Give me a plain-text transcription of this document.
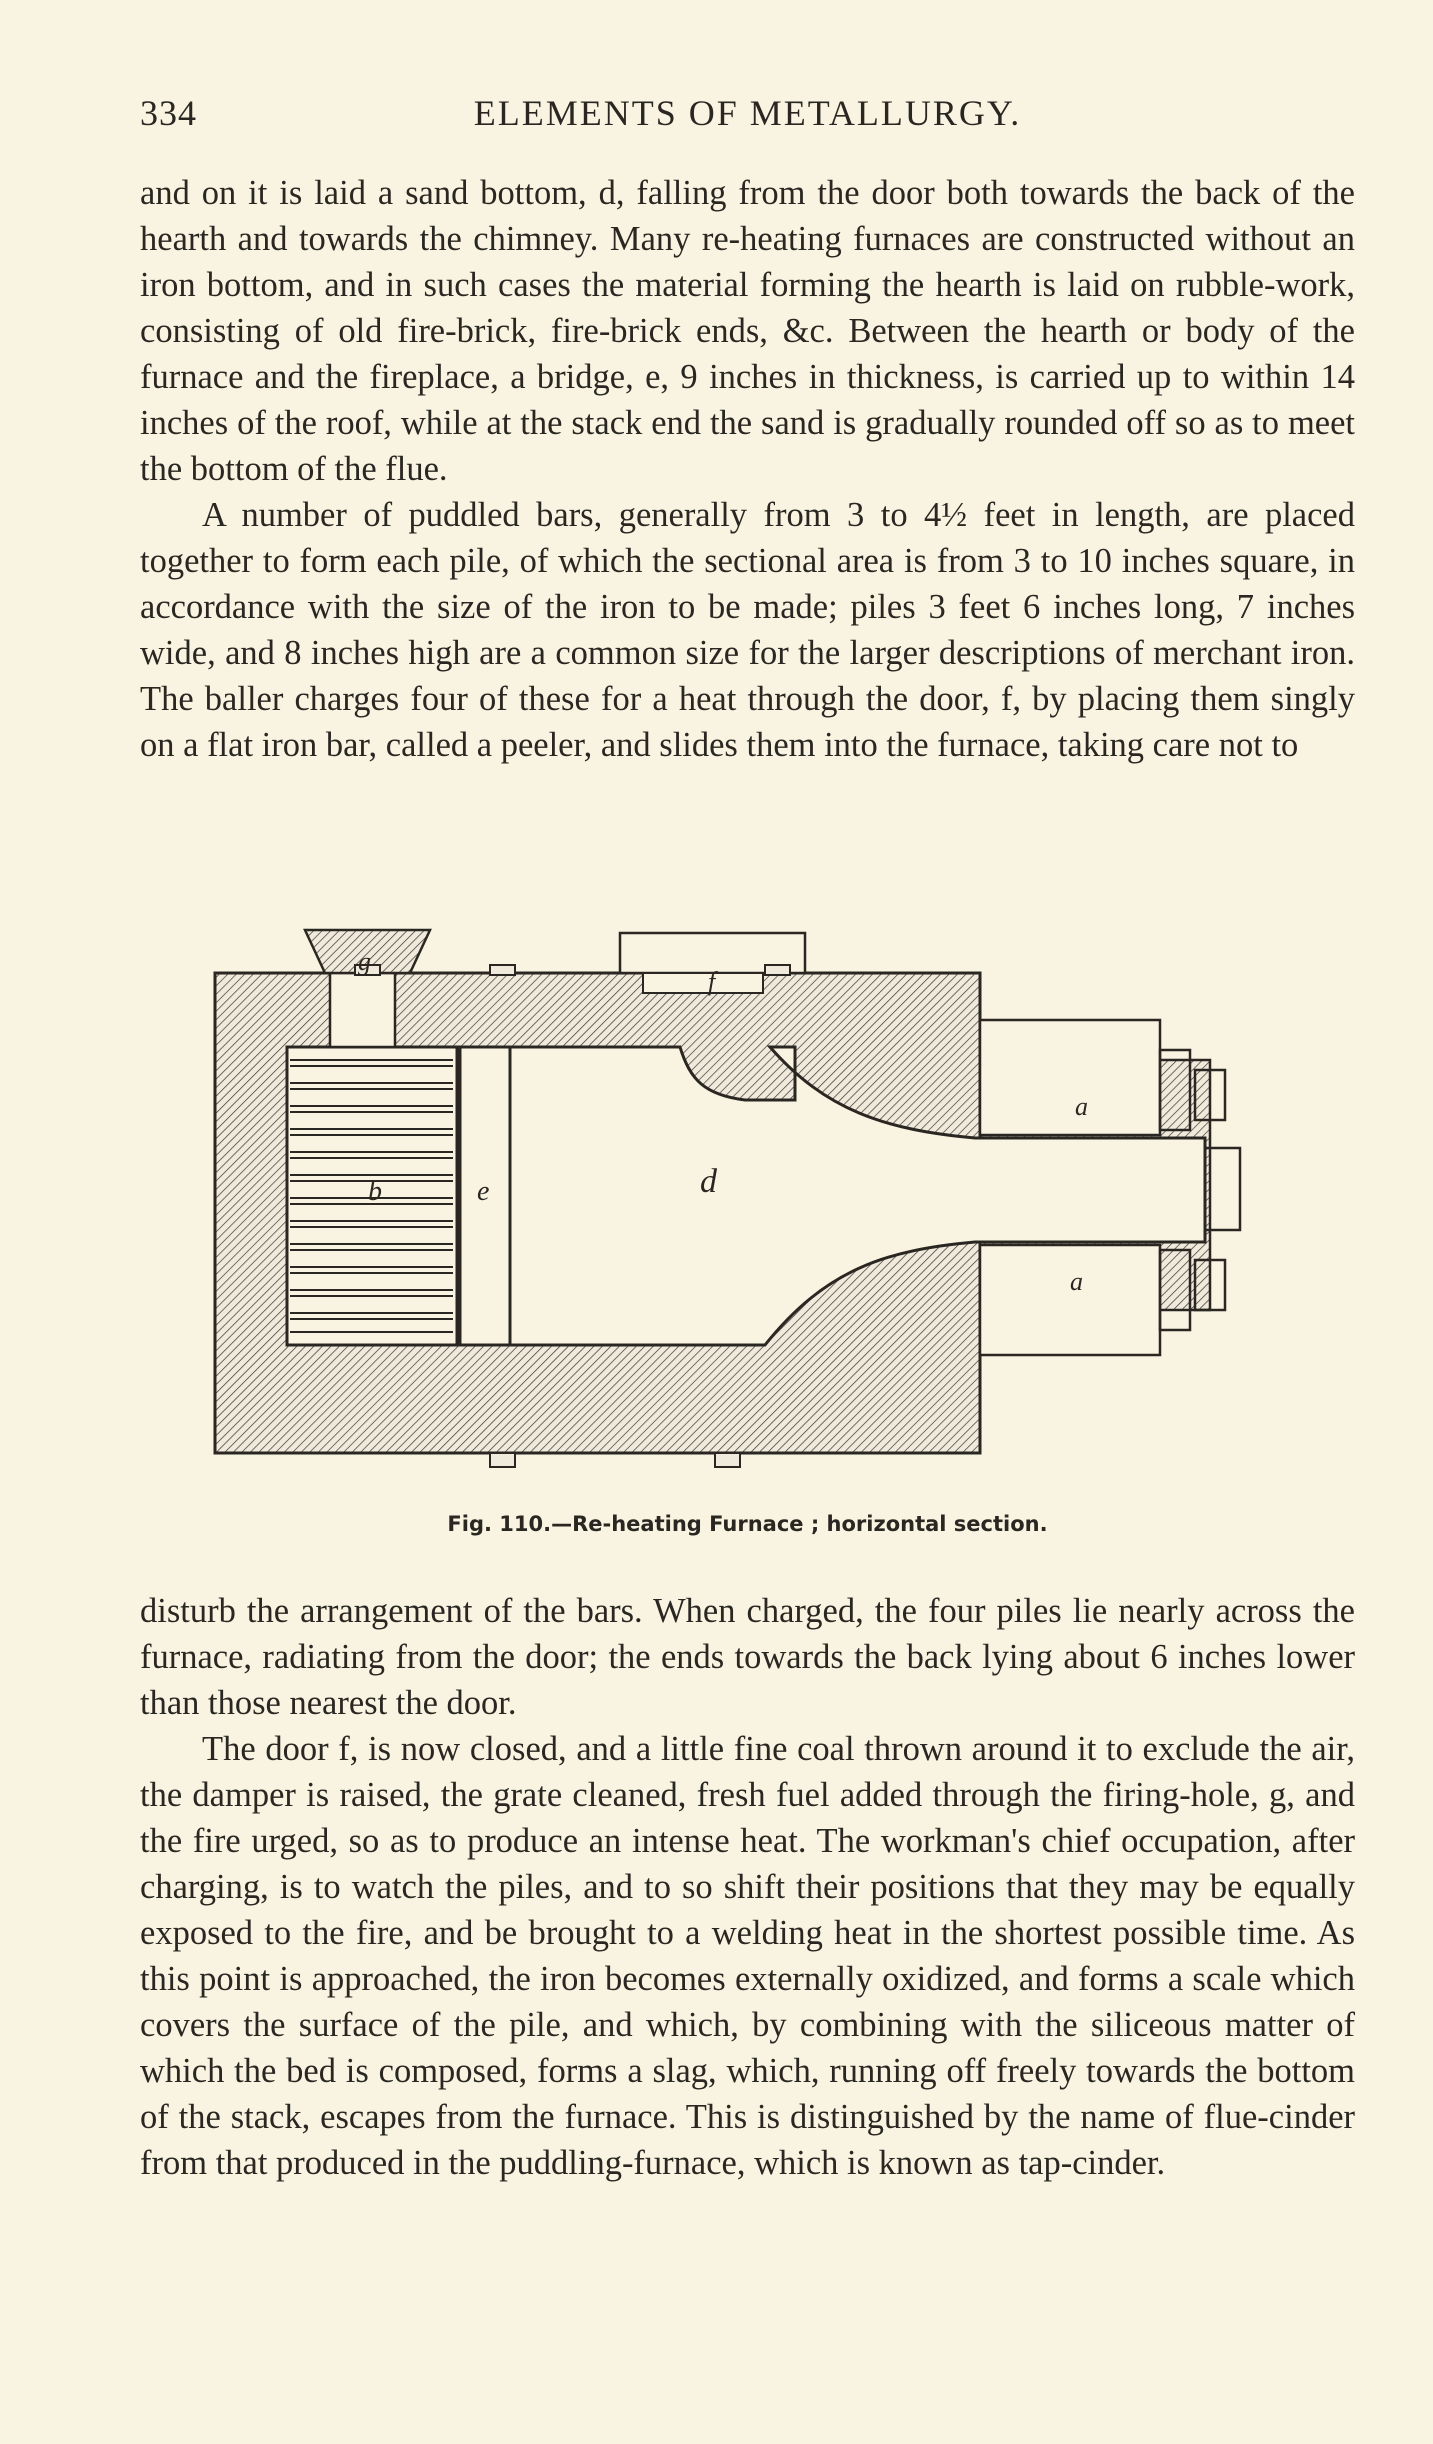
334	ELEMENTS OF METALLURGY.

and on it is laid a sand bottom, d, falling from the door both towards the back of the hearth and towards the chimney. Many re-heating furnaces are constructed without an iron bottom, and in such cases the material forming the hearth is laid on rubble-work, consisting of old fire-brick, fire-brick ends, &c. Between the hearth or body of the furnace and the fireplace, a bridge, e, 9 inches in thickness, is carried up to within 14 inches of the roof, while at the stack end the sand is gradually rounded off so as to meet the bottom of the flue.

A number of puddled bars, generally from 3 to 4½ feet in length, are placed together to form each pile, of which the sectional area is from 3 to 10 inches square, in accordance with the size of the iron to be made; piles 3 feet 6 inches long, 7 inches wide, and 8 inches high are a common size for the larger descriptions of merchant iron. The baller charges four of these for a heat through the door, f, by placing them singly on a flat iron bar, called a peeler, and slides them into the furnace, taking care not to

g
f
b	e	d
a
a
Fig. 110.—Re-heating Furnace ; horizontal section.

disturb the arrangement of the bars. When charged, the four piles lie nearly across the furnace, radiating from the door; the ends towards the back lying about 6 inches lower than those nearest the door.

The door f, is now closed, and a little fine coal thrown around it to exclude the air, the damper is raised, the grate cleaned, fresh fuel added through the firing-hole, g, and the fire urged, so as to produce an intense heat. The workman's chief occupation, after charging, is to watch the piles, and to so shift their positions that they may be equally exposed to the fire, and be brought to a welding heat in the shortest possible time. As this point is approached, the iron becomes externally oxidized, and forms a scale which covers the surface of the pile, and which, by combining with the siliceous matter of which the bed is composed, forms a slag, which, running off freely towards the bottom of the stack, escapes from the furnace. This is distinguished by the name of flue-cinder from that produced in the puddling-furnace, which is known as tap-cinder.
